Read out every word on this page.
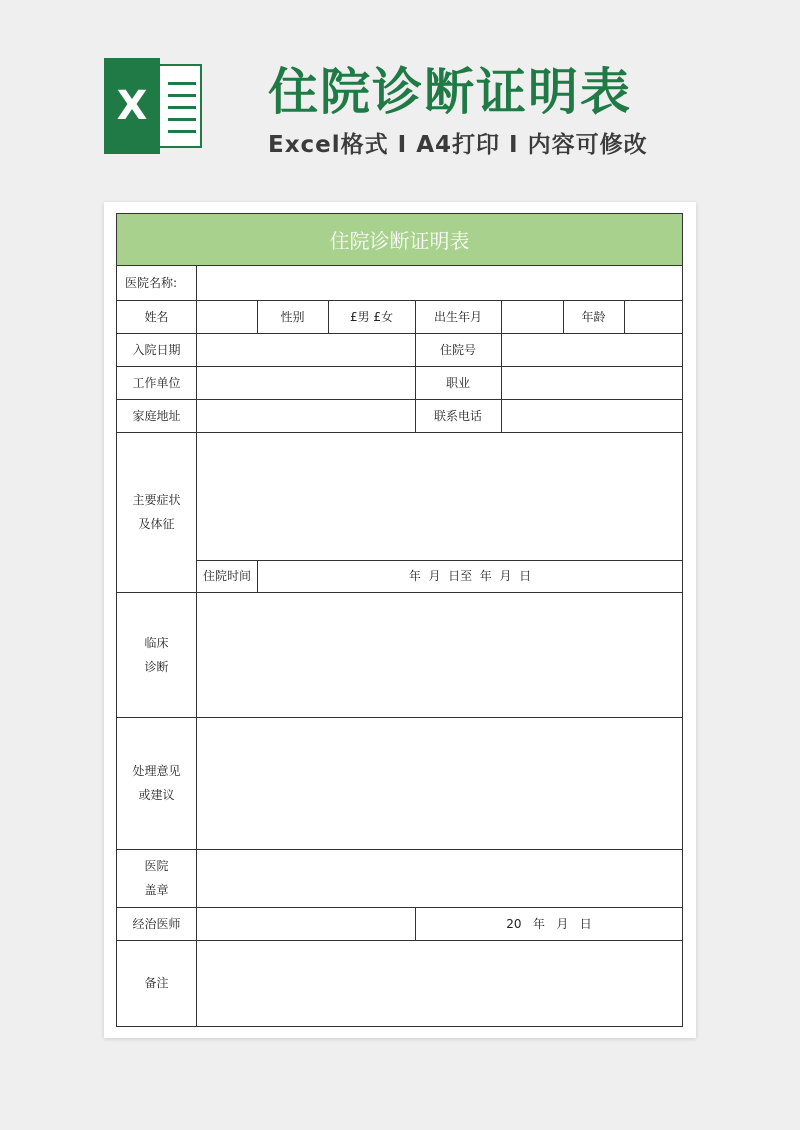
X 住院诊断证明表
Excel格式 I A4打印 I 内容可修改
住院诊断证明表
医院名称:
姓名	性别	£男 £女	出生年月	年龄
入院日期	住院号
工作单位	职业
家庭地址	联系电话
主要症状
及体征
住院时间	年  月  日至  年  月  日
临床
诊断
处理意见
或建议
医院
盖章
经治医师	20   年   月   日
备注
